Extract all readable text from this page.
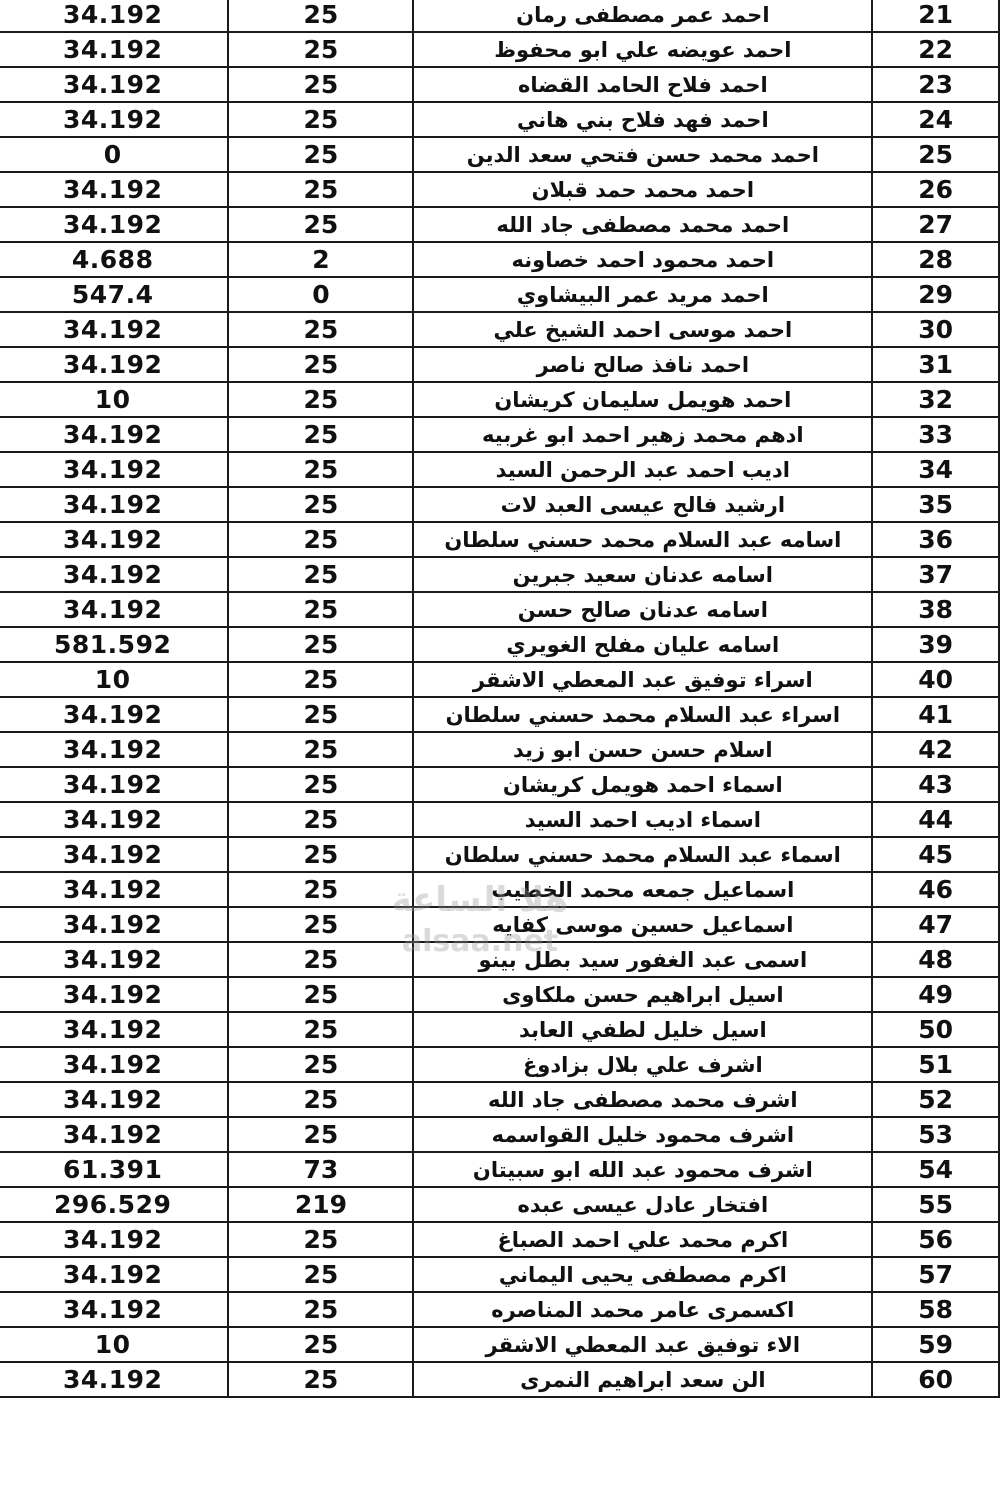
34.192	25	احمد عمر مصطفى رمان	21
34.192	25	احمد عويضه علي ابو محفوظ	22
34.192	25	احمد فلاح الحامد القضاه	23
34.192	25	احمد فهد فلاح بني هاني	24
0	25	احمد محمد حسن فتحي سعد الدين	25
34.192	25	احمد محمد حمد قبلان	26
34.192	25	احمد محمد مصطفى جاد الله	27
4.688	2	احمد محمود احمد خصاونه	28
547.4	0	احمد مريد عمر البيشاوي	29
34.192	25	احمد موسى احمد الشيخ علي	30
34.192	25	احمد نافذ صالح ناصر	31
10	25	احمد هويمل سليمان كريشان	32
34.192	25	ادهم محمد زهير احمد ابو غربيه	33
34.192	25	اديب احمد عبد الرحمن السيد	34
34.192	25	ارشيد فالح عيسى العبد لات	35
34.192	25	اسامه عبد السلام محمد حسني سلطان	36
34.192	25	اسامه عدنان سعيد جبرين	37
34.192	25	اسامه عدنان صالح حسن	38
581.592	25	اسامه عليان مفلح الغويري	39
10	25	اسراء توفيق عبد المعطي الاشقر	40
34.192	25	اسراء عبد السلام محمد حسني سلطان	41
34.192	25	اسلام حسن حسن ابو زيد	42
34.192	25	اسماء احمد هويمل كريشان	43
34.192	25	اسماء اديب احمد السيد	44
34.192	25	اسماء عبد السلام محمد حسني سلطان	45
34.192	25	اسماعيل جمعه محمد الخطيب	46
34.192	25	اسماعيل حسين موسى كفايه	47
34.192	25	اسمى عبد الغفور سيد بطل بينو	48
34.192	25	اسيل ابراهيم حسن ملكاوى	49
34.192	25	اسيل خليل لطفي العابد	50
34.192	25	اشرف علي بلال بزادوغ	51
34.192	25	اشرف محمد مصطفى جاد الله	52
34.192	25	اشرف محمود خليل القواسمه	53
61.391	73	اشرف محمود عبد الله ابو سبيتان	54
296.529	219	افتخار عادل عيسى عبده	55
34.192	25	اكرم محمد علي احمد الصباغ	56
34.192	25	اكرم مصطفى يحيى اليماني	57
34.192	25	اكسمرى عامر محمد المناصره	58
10	25	الاء توفيق عبد المعطي الاشقر	59
34.192	25	الن سعد ابراهيم النمرى	60
هلا الساعة
alsaa.net
